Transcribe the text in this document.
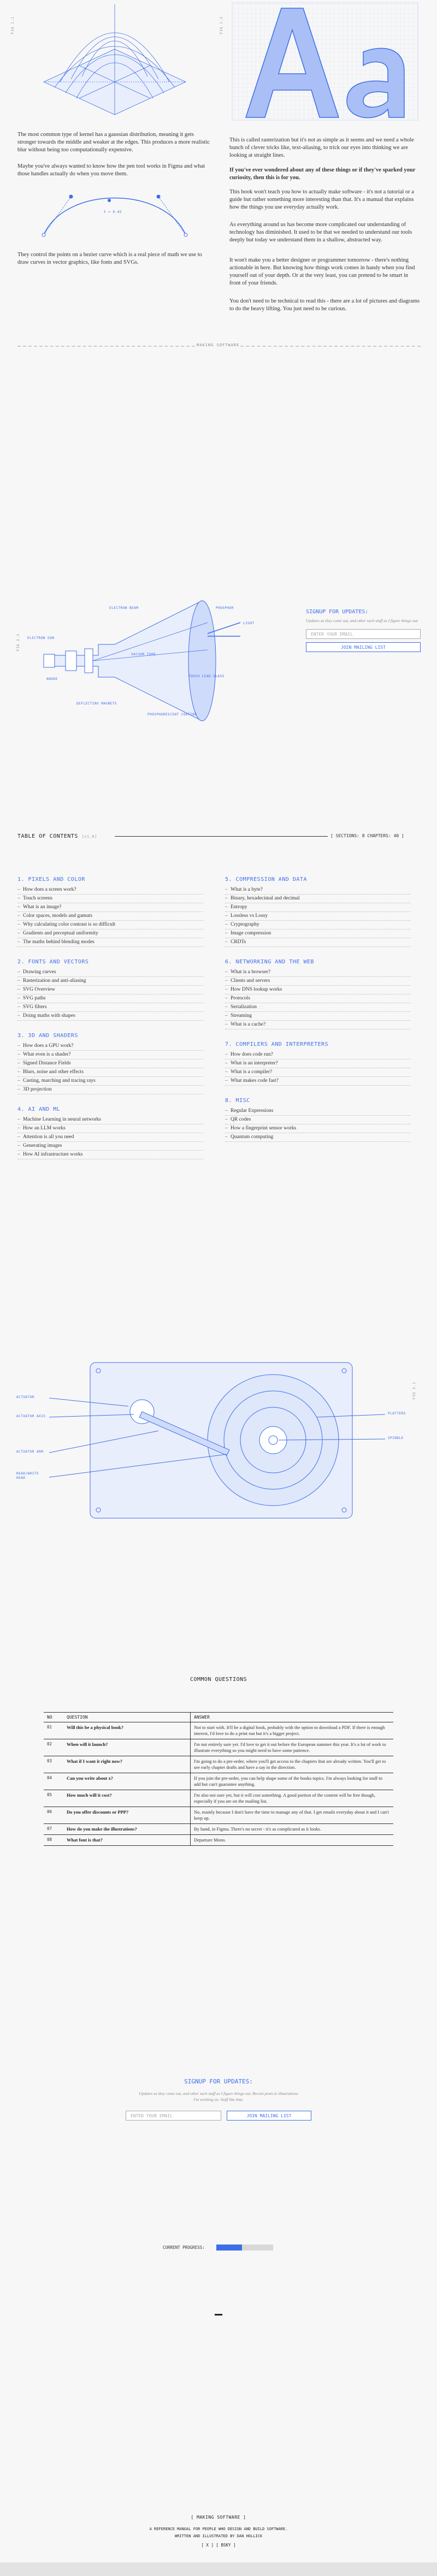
FIG 1.1

The most common type of kernel has a gaussian distribution, meaning it gets stronger towards the middle and weaker at the edges. This produces a more realistic blur without being too computationally expensive.

Maybe you've always wanted to know how the pen tool works in Figma and what those handles actually do when you move them.

t = 0.45

They control the points on a bezier curve which is a real piece of math we use to draw curves in vector graphics, like fonts and SVGs.

FIG 1.2

This is called rasterization but it's not as simple as it seems and we need a whole bunch of clever tricks like, text-aliasing, to trick our eyes into thinking we are looking at straight lines.

If you've ever wondered about any of these things or if they've sparked your curiosity, then this is for you.

This book won't teach you how to actually make software - it's not a tutorial or a guide but rather something more interesting than that. It's a manual that explains how the things you use everyday actually work.

As everything around us has become more complicated our understanding of technology has diminished. It used to be that we needed to understand our tools deeply but today we understand them in a shallow, abstracted way.

It won't make you a better designer or programmer tomorrow - there's nothing actionable in here. But knowing how things work comes in handy when you find yourself out of your depth. Or at the very least, you can pretend to be smart in front of your friends.

You don't need to be technical to read this - there are a lot of pictures and diagrams to do the heavy lifting. You just need to be curious.

MAKING SOFTWARE
FIG 2.1
ELECTRON BEAM
LIGHT
ELECTRON GUN
VACUUM TUBE
ANODE
PHOSPHOR
DEFLECTING MAGNETS
TOUCH LEAD GLASS
PHOSPHORESCENT COATING
SIGNUP FOR UPDATES:
Updates as they come out, and other such stuff as I figure things out.
ENTER YOUR EMAIL
JOIN MAILING LIST
TABLE OF CONTENTS [v1.0]	[ SECTIONS: 8 CHAPTERS: 40 ]
1. PIXELS AND COLOR
– How does a screen work?
– Touch screens
– What is an image?
– Color spaces, models and gamuts
– Why calculating color contrast is so difficult
– Gradients and perceptual uniformity
– The maths behind blending modes
2. FONTS AND VECTORS
– Drawing curves
– Rasterization and anti-aliasing
– SVG Overview
– SVG paths
– SVG filters
– Doing maths with shapes
3. 3D AND SHADERS
– How does a GPU work?
– What even is a shader?
– Signed Distance Fields
– Blurs, noise and other effects
– Casting, marching and tracing rays
– 3D projection
4. AI AND ML
– Machine Learning in neural networks
– How an LLM works
– Attention is all you need
– Generating images
– How AI infrastructure works
5. COMPRESSION AND DATA
– What is a byte?
– Binary, hexadecimal and decimal
– Entropy
– Lossless vs Lossy
– Cryptography
– Image compression
– CRDTs
6. NETWORKING AND THE WEB
– What is a browser?
– Clients and servers
– How DNS lookup works
– Protocols
– Serialization
– Streaming
– What is a cache?
7. COMPILERS AND INTERPRETERS
– How does code run?
– What is an interpreter?
– What is a compiler?
– What makes code fast?
8. MISC
– Regular Expressions
– QR codes
– How a fingerprint sensor works
– Quantum computing
FIG 3.1
ACTUATOR
ACTUATOR AXIS
ACTUATOR ARM
READ/WRITE HEAD
PLATTERS
SPINDLE
COMMON QUESTIONS
NO	QUESTION	ANSWER
01	Will this be a physical book?	Not to start with. It'll be a digital book, probably with the option to download a PDF. If there is enough interest, I'd love to do a print run but it's a bigger project.
02	When will it launch?	I'm not entirely sure yet. I'd love to get it out before the European summer this year. It's a lot of work to illustrate everything so you might need to have some patience.
03	What if I want it right now?	I'm going to do a pre-order, where you'll get access to the chapters that are already written. You'll get to see early chapter drafts and have a say in the direction.
04	Can you write about x?	If you join the pre-order, you can help shape some of the books topics. I'm always looking for stuff to add but can't guarantee anything.
05	How much will it cost?	I'm also not sure yet, but it will cost something. A good portion of the content will be free though, especially if you are on the mailing list.
06	Do you offer discounts or PPP?	No, mainly because I don't have the time to manage any of that. I get emails everyday about it and I can't keep up.
07	How do you make the illustrations?	By hand, in Figma. There's no secret - it's as complicated as it looks.
08	What font is that?	Departure Mono.
SIGNUP FOR UPDATES:
Updates as they come out, and other such stuff as I figure things out. Recent posts to illustrations I'm working on. Stuff like that.
ENTER YOUR EMAIL	JOIN MAILING LIST
CURRENT PROGRESS:
[ MAKING SOFTWARE ]
A REFERENCE MANUAL FOR PEOPLE WHO DESIGN AND BUILD SOFTWARE.
WRITTEN AND ILLUSTRATED BY DAN HOLLICK
[ X ] [ BSKY ]
